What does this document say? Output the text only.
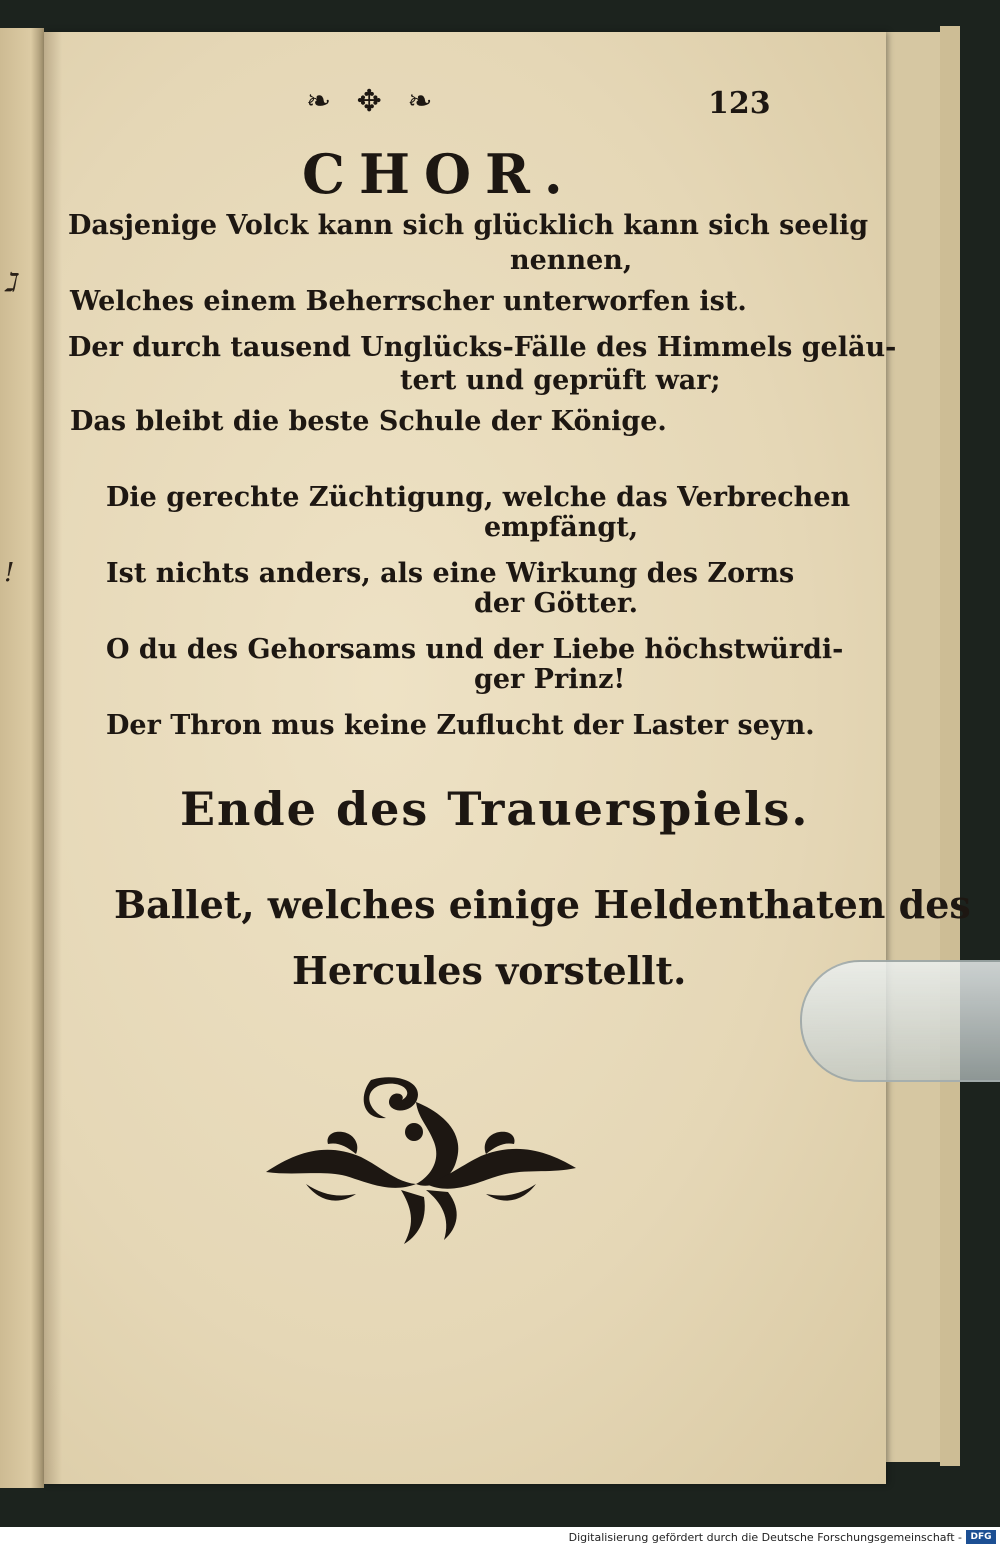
ℷ
!
❧ ✥ ❧	123
CHOR.
Dasjenige Volck kann sich glücklich kann sich seelig
nennen,
Welches einem Beherrscher unterworfen ist.
Der durch tausend Unglücks-Fälle des Himmels geläu-
tert und geprüft war;
Das bleibt die beste Schule der Könige.
Die gerechte Züchtigung, welche das Verbrechen
empfängt,
Ist nichts anders, als eine Wirkung des Zorns
der Götter.
O du des Gehorsams und der Liebe höchstwürdi-
ger Prinz!
Der Thron mus keine Zuflucht der Laster seyn.
Ende des Trauerspiels.
Ballet, welches einige Heldenthaten des
Hercules vorstellt.
Digitalisierung gefördert durch die Deutsche Forschungsgemeinschaft - DFG
